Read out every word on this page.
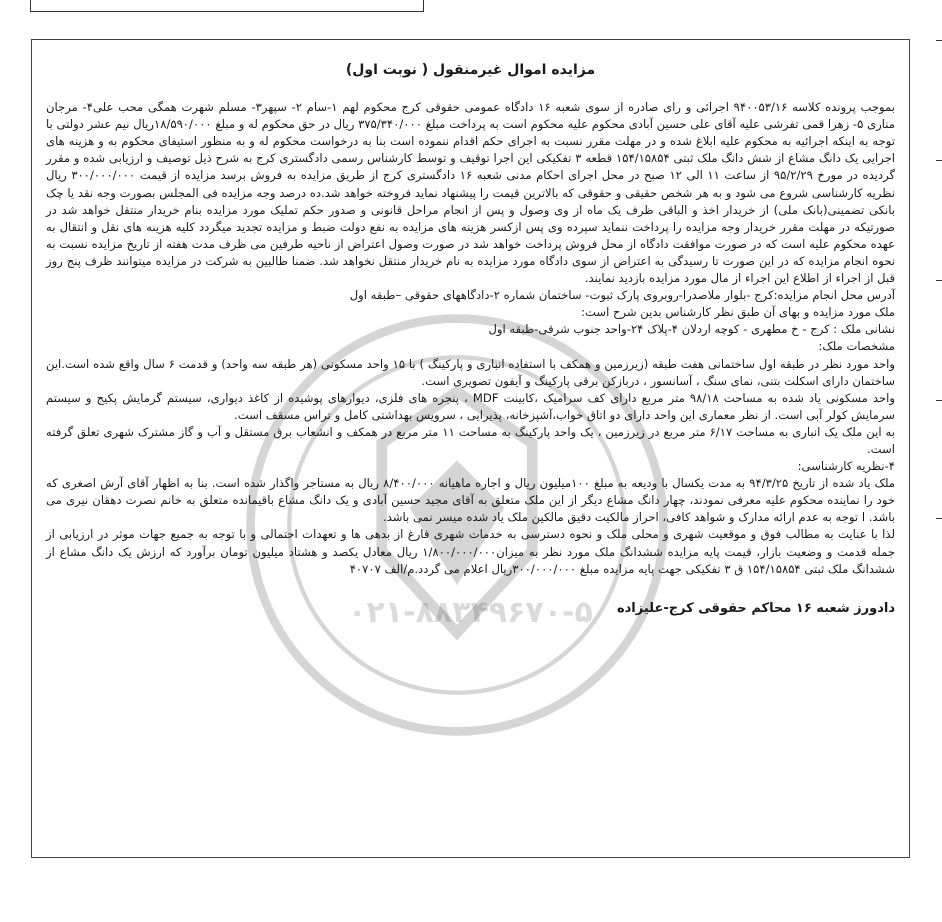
۰۲۱-۸۸۳۴۹۶۷۰-۵
مزایده اموال غیرمنقول ( نوبت اول)

بموجب پرونده کلاسه ۹۴۰۰۵۳/۱۶ اجرائی و رای صادره از سوی شعبه ۱۶ دادگاه عمومی حقوقی کرج محکوم لهم ۱-سام ۲- سپهر۳- مسلم شهرت همگی محب علی۴- مرجان مناری ۵- زهرا قمی تفرشی علیه آقای علی حسین آبادی محکوم علیه محکوم است به پرداخت مبلغ ۳۷۵/۳۴۰/۰۰۰ ریال در حق محکوم له و مبلغ ۱۸/۵۹۰/۰۰۰ریال نیم عشر دولتی با توجه به اینکه اجرائیه به محکوم علیه ابلاغ شده و در مهلت مقرر نسبت به اجرای حکم اقدام ننموده است بنا به درخواست محکوم له و به منظور استیفای محکوم به و هزینه های اجرایی یک دانگ مشاع از شش دانگ ملک ثبتی ۱۵۴/۱۵۸۵۴ قطعه ۳ تفکیکی این اجرا توقیف و توسط کارشناس رسمی دادگستری کرج به شرح ذیل توصیف و ارزیابی شده و مقرر گردیده در مورخ ۹۵/۲/۲۹ از ساعت ۱۱ الی ۱۲ صبح در محل اجرای احکام مدنی شعبه ۱۶ دادگستری کرج از طریق مزایده به فروش برسد مزایده از قیمت ۳۰۰/۰۰۰/۰۰۰ ریال نظریه کارشناسی شروع می شود و به هر شخص حقیقی و حقوقی که بالاترین قیمت را پیشنهاد نماید فروخته خواهد شد.ده درصد وجه مزایده فی المجلس بصورت وجه نقد یا چک بانکی تضمینی(بانک ملی) از خریدار اخذ و الباقی ظرف یک ماه از وی وصول و پس از انجام مراحل قانونی و صدور حکم تملیک مورد مزایده بنام خریدار منتقل خواهد شد در صورتیکه در مهلت مقرر خریدار وجه مزایده را پرداخت ننماید سپرده وی پس ازکسر هزینه های مزایده به نفع دولت ضبط و مزایده تجدید میگردد کلیه هزینه های نقل و انتقال به عهده محکوم علیه است که در صورت موافقت دادگاه از محل فروش پرداخت خواهد شد در صورت وصول اعتراض از ناحیه طرفین می ظرف مدت هفته از تاریخ مزایده نسبت به نحوه انجام مزایده که در این صورت تا رسیدگی به اعتراض از سوی دادگاه مورد مزایده به نام خریدار منتقل نخواهد شد. ضمنا طالبین به شرکت در مزایده میتوانند ظرف پنج روز قبل از اجراء از اطلاع این اجراء از مال مورد مزایده بازدید نمایند.

آدرس محل انجام مزایده:کرج -بلوار ملاصدرا-روبروی پارک ثبوت- ساختمان شماره ۲-دادگاههای حقوقی –طبقه اول

ملک مورد مزایده و بهای آن طبق نظر کارشناس بدین شرح است:

نشانی ملک : کرج - خ مطهری - کوچه اردلان ۴-پلاک ۲۴-واحد جنوب شرقی-طبقه اول

مشخصات ملک:

واحد مورد نظر در طبقه اول ساختمانی هفت طبقه (زیرزمین و همکف با استفاده انباری و پارکینگ ) با ۱۵ واحد مسکونی (هر طبقه سه واحد) و قدمت ۶ سال واقع شده است.این ساختمان دارای اسکلت بتنی، نمای سنگ ، آسانسور ، دربازکن برقی پارکینگ و آیفون تصویری است.

واحد مسکونی یاد شده به مساحت ۹۸/۱۸ متر مربع دارای کف سرامیک ،کابینت MDF ، پنجره های فلزی، دیوارهای پوشیده از کاغذ دیواری، سیستم گرمایش پکیج و سیستم سرمایش کولر آبی است. از نظر معماری این واحد دارای دو اتاق خواب،آشپزخانه، پذیرایی ، سرویس بهداشتی کامل و تراس مسقف است.

به این ملک یک انباری به مساحت ۶/۱۷ متر مربع در زیرزمین ، یک واحد پارکینگ به مساحت ۱۱ متر مربع در همکف و انشعاب برق مستقل و آب و گاز مشترک شهری تعلق گرفته است.

۴-نظریه کارشناسی:

ملک یاد شده از تاریخ ۹۴/۳/۲۵ به مدت یکسال با ودیعه به مبلغ ۱۰۰میلیون ریال و اجاره ماهیانه ۸/۴۰۰/۰۰۰ ریال به مستاجر واگذار شده است. بنا به اظهار آقای آرش اصغری که خود را نماینده محکوم علیه معرفی نمودند، چهار دانگ مشاع دیگر از این ملک متعلق به آقای مجید حسین آبادی و یک دانگ مشاع باقیمانده متعلق به خانم نصرت دهقان نیری می باشد. ا توجه به عدم ارائه مدارک و شواهد کافی، احراز مالکیت دقیق مالکین ملک یاد شده میسر نمی باشد.

لذا با عنایت به مطالب فوق و موقعیت شهری و محلی ملک و نحوه دسترسی به خدمات شهری فارغ از بدهی ها و تعهدات احتمالی و با توجه به جمیع جهات موثر در ارزیابی از جمله قدمت و وضعیت بازار، قیمت پایه مزایده ششدانگ ملک مورد نظر به میزان۱/۸۰۰/۰۰۰/۰۰۰ ریال معادل یکصد و هشتاد میلیون تومان برآورد که ارزش یک دانگ مشاع از ششدانگ ملک ثبتی ۱۵۴/۱۵۸۵۴ ق ۳ تفکیکی جهت پایه مزایده مبلغ ۳۰۰/۰۰۰/۰۰۰ریال اعلام می گردد.م/الف ۴۰۷۰۷

دادورز شعبه ۱۶ محاکم حقوقی کرج-علیزاده
